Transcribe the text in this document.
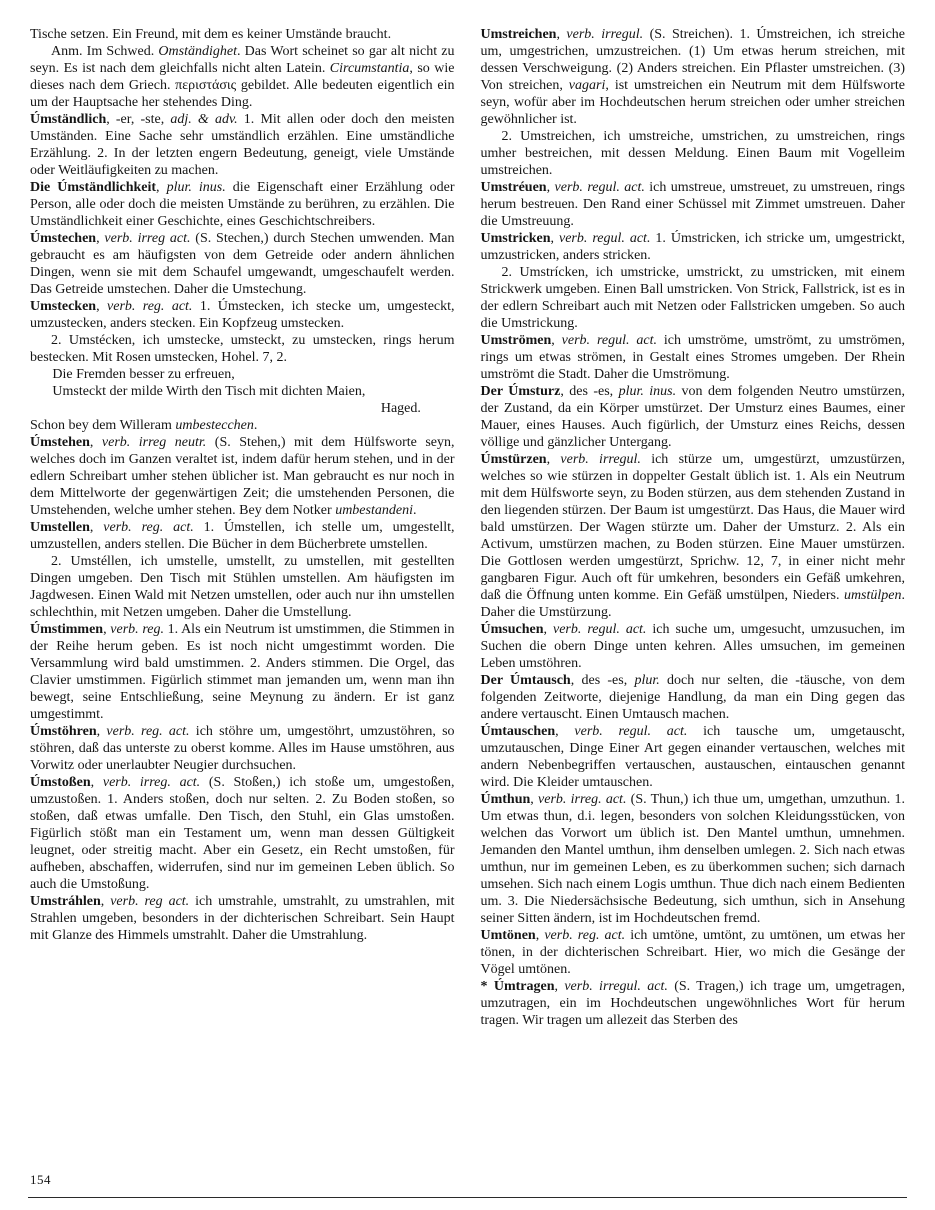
Tische setzen. Ein Freund, mit dem es keiner Umstände braucht.

Anm. Im Schwed. Omständighet. Das Wort scheinet so gar alt nicht zu seyn. Es ist nach dem gleichfalls nicht alten Latein. Circumstantia, so wie dieses nach dem Griech. περιστάσις gebildet. Alle bedeuten eigentlich ein um der Hauptsache her stehendes Ding.

Úmständlich, -er, -ste, adj. & adv. 1. Mit allen oder doch den meisten Umständen. Eine Sache sehr umständlich erzählen. Eine umständliche Erzählung. 2. In der letzten engern Bedeutung, geneigt, viele Umstände oder Weitläufigkeiten zu machen.

Die Úmständlichkeit, plur. inus. die Eigenschaft einer Erzählung oder Person, alle oder doch die meisten Umstände zu berühren, zu erzählen. Die Umständlichkeit einer Geschichte, eines Geschichtschreibers.

Úmstechen, verb. irreg act. (S. Stechen,) durch Stechen umwenden. Man gebraucht es am häufigsten von dem Getreide oder andern ähnlichen Dingen, wenn sie mit dem Schaufel umgewandt, umgeschaufelt werden. Das Getreide umstechen. Daher die Umstechung.

Umstecken, verb. reg. act. 1. Úmstecken, ich stecke um, umgesteckt, umzustecken, anders stecken. Ein Kopfzeug umstecken.

2. Umstécken, ich umstecke, umsteckt, zu umstecken, rings herum bestecken. Mit Rosen umstecken, Hohel. 7, 2.

Die Fremden besser zu erfreuen,

Umsteckt der milde Wirth den Tisch mit dichten Maien,

Haged.

Schon bey dem Willeram umbestecchen.

Úmstehen, verb. irreg neutr. (S. Stehen,) mit dem Hülfsworte seyn, welches doch im Ganzen veraltet ist, indem dafür herum stehen, und in der edlern Schreibart umher stehen üblicher ist. Man gebraucht es nur noch in dem Mittelworte der gegenwärtigen Zeit; die umstehenden Personen, die Umstehenden, welche umher stehen. Bey dem Notker umbestandeni.

Umstellen, verb. reg. act. 1. Úmstellen, ich stelle um, umgestellt, umzustellen, anders stellen. Die Bücher in dem Bücherbrete umstellen.

2. Umstéllen, ich umstelle, umstellt, zu umstellen, mit gestellten Dingen umgeben. Den Tisch mit Stühlen umstellen. Am häufigsten im Jagdwesen. Einen Wald mit Netzen umstellen, oder auch nur ihn umstellen schlechthin, mit Netzen umgeben. Daher die Umstellung.

Úmstimmen, verb. reg. 1. Als ein Neutrum ist umstimmen, die Stimmen in der Reihe herum geben. Es ist noch nicht umgestimmt worden. Die Versammlung wird bald umstimmen. 2. Anders stimmen. Die Orgel, das Clavier umstimmen. Figürlich stimmet man jemanden um, wenn man ihn bewegt, seine Entschließung, seine Meynung zu ändern. Er ist ganz umgestimmt.

Úmstöhren, verb. reg. act. ich stöhre um, umgestöhrt, umzustöhren, so stöhren, daß das unterste zu oberst komme. Alles im Hause umstöhren, aus Vorwitz oder unerlaubter Neugier durchsuchen.

Úmstoßen, verb. irreg. act. (S. Stoßen,) ich stoße um, umgestoßen, umzustoßen. 1. Anders stoßen, doch nur selten. 2. Zu Boden stoßen, so stoßen, daß etwas umfalle. Den Tisch, den Stuhl, ein Glas umstoßen. Figürlich stößt man ein Testament um, wenn man dessen Gültigkeit leugnet, oder streitig macht. Aber ein Gesetz, ein Recht umstoßen, für aufheben, abschaffen, widerrufen, sind nur im gemeinen Leben üblich. So auch die Umstoßung.

Umstráhlen, verb. reg act. ich umstrahle, umstrahlt, zu umstrahlen, mit Strahlen umgeben, besonders in der dichterischen Schreibart. Sein Haupt mit Glanze des Himmels umstrahlt. Daher die Umstrahlung.

Umstreichen, verb. irregul. (S. Streichen). 1. Úmstreichen, ich streiche um, umgestrichen, umzustreichen. (1) Um etwas herum streichen, mit dessen Verschweigung. (2) Anders streichen. Ein Pflaster umstreichen. (3) Von streichen, vagari, ist umstreichen ein Neutrum mit dem Hülfsworte seyn, wofür aber im Hochdeutschen herum streichen oder umher streichen gewöhnlicher ist.

2. Umstreichen, ich umstreiche, umstrichen, zu umstreichen, rings umher bestreichen, mit dessen Meldung. Einen Baum mit Vogelleim umstreichen.

Umstréuen, verb. regul. act. ich umstreue, umstreuet, zu umstreuen, rings herum bestreuen. Den Rand einer Schüssel mit Zimmet umstreuen. Daher die Umstreuung.

Umstricken, verb. regul. act. 1. Úmstricken, ich stricke um, umgestrickt, umzustricken, anders stricken.

2. Umstrícken, ich umstricke, umstrickt, zu umstricken, mit einem Strickwerk umgeben. Einen Ball umstricken. Von Strick, Fallstrick, ist es in der edlern Schreibart auch mit Netzen oder Fallstricken umgeben. So auch die Umstrickung.

Umströmen, verb. regul. act. ich umströme, umströmt, zu umströmen, rings um etwas strömen, in Gestalt eines Stromes umgeben. Der Rhein umströmt die Stadt. Daher die Umströmung.

Der Úmsturz, des -es, plur. inus. von dem folgenden Neutro umstürzen, der Zustand, da ein Körper umstürzet. Der Umsturz eines Baumes, einer Mauer, eines Hauses. Auch figürlich, der Umsturz eines Reichs, dessen völlige und gänzlicher Untergang.

Úmstürzen, verb. irregul. ich stürze um, umgestürzt, umzustürzen, welches so wie stürzen in doppelter Gestalt üblich ist. 1. Als ein Neutrum mit dem Hülfsworte seyn, zu Boden stürzen, aus dem stehenden Zustand in den liegenden stürzen. Der Baum ist umgestürzt. Das Haus, die Mauer wird bald umstürzen. Der Wagen stürzte um. Daher der Umsturz. 2. Als ein Activum, umstürzen machen, zu Boden stürzen. Eine Mauer umstürzen. Die Gottlosen werden umgestürzt, Sprichw. 12, 7, in einer nicht mehr gangbaren Figur. Auch oft für umkehren, besonders ein Gefäß umkehren, daß die Öffnung unten komme. Ein Gefäß umstülpen, Nieders. umstülpen. Daher die Umstürzung.

Úmsuchen, verb. regul. act. ich suche um, umgesucht, umzusuchen, im Suchen die obern Dinge unten kehren. Alles umsuchen, im gemeinen Leben umstöhren.

Der Úmtausch, des -es, plur. doch nur selten, die -täusche, von dem folgenden Zeitworte, diejenige Handlung, da man ein Ding gegen das andere vertauscht. Einen Umtausch machen.

Úmtauschen, verb. regul. act. ich tausche um, umgetauscht, umzutauschen, Dinge Einer Art gegen einander vertauschen, welches mit andern Nebenbegriffen vertauschen, austauschen, eintauschen genannt wird. Die Kleider umtauschen.

Úmthun, verb. irreg. act. (S. Thun,) ich thue um, umgethan, umzuthun. 1. Um etwas thun, d.i. legen, besonders von solchen Kleidungsstücken, von welchen das Vorwort um üblich ist. Den Mantel umthun, umnehmen. Jemanden den Mantel umthun, ihm denselben umlegen. 2. Sich nach etwas umthun, nur im gemeinen Leben, es zu überkommen suchen; sich darnach umsehen. Sich nach einem Logis umthun. Thue dich nach einem Bedienten um. 3. Die Niedersächsische Bedeutung, sich umthun, sich in Ansehung seiner Sitten ändern, ist im Hochdeutschen fremd.

Umtönen, verb. reg. act. ich umtöne, umtönt, zu umtönen, um etwas her tönen, in der dichterischen Schreibart. Hier, wo mich die Gesänge der Vögel umtönen.

* Úmtragen, verb. irregul. act. (S. Tragen,) ich trage um, umgetragen, umzutragen, ein im Hochdeutschen ungewöhnliches Wort für herum tragen. Wir tragen um allezeit das Sterben des

154
